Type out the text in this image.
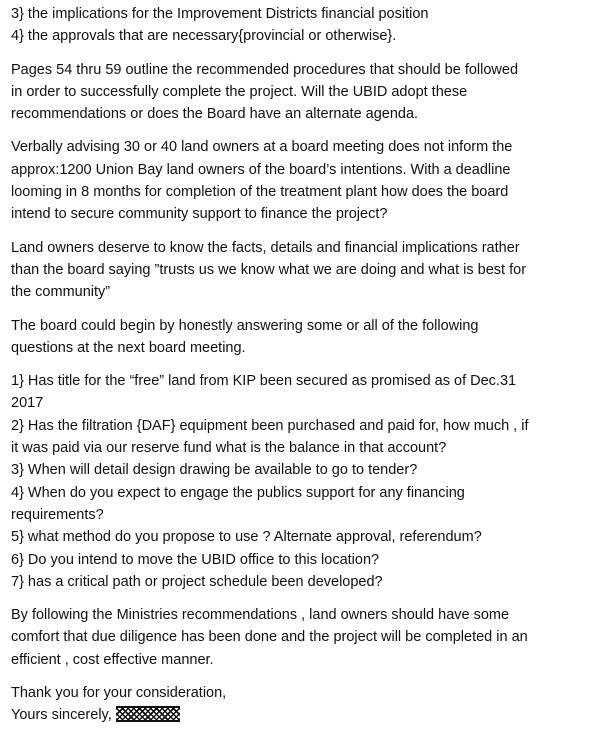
3} the implications for the Improvement Districts financial position
4} the approvals that are necessary{provincial or otherwise}.
Pages 54 thru 59 outline the recommended procedures that should be followed
in order to successfully complete the project. Will the UBID adopt these
recommendations or does the Board have an alternate agenda.
Verbally advising 30 or 40 land owners at a board meeting does not inform the
approx:1200 Union Bay land owners of the board’s intentions. With a deadline
looming in 8 months for completion of the treatment plant how does the board
intend to secure community support to finance the project?
Land owners deserve to know the facts, details and financial implications rather
than the board saying ”trusts us we know what we are doing and what is best for
the community”
The board could begin by honestly answering some or all of the following
questions at the next board meeting.
1} Has title for the “free” land from KIP been secured as promised as of Dec.31
2017
2} Has the filtration {DAF} equipment been purchased and paid for, how much , if
it was paid via our reserve fund what is the balance in that account?
3} When will detail design drawing be available to go to tender?
4} When do you expect to engage the publics support for any financing
requirements?
5} what method do you propose to use ? Alternate approval, referendum?
6} Do you intend to move the UBID office to this location?
7} has a critical path or project schedule been developed?
By following the Ministries recommendations , land owners should have some
comfort that due diligence has been done and the project will be completed in an
efficient , cost effective manner.
Thank you for your consideration,
Yours sincerely,
